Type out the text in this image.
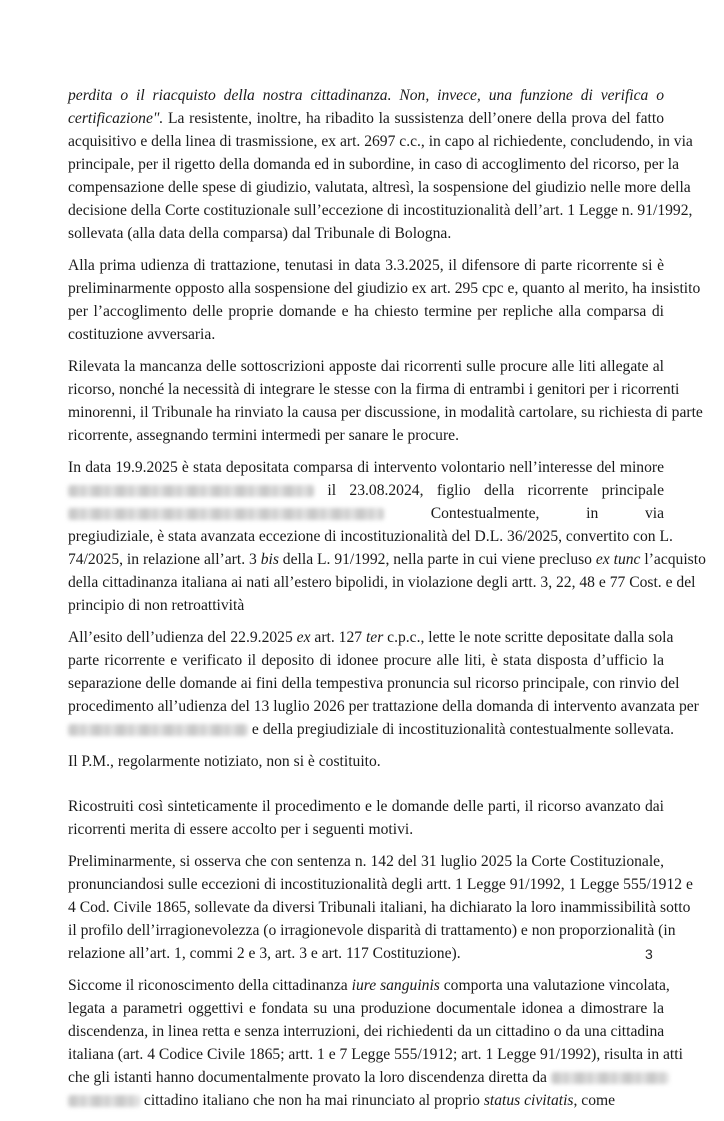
perdita o il riacquisto della nostra cittadinanza. Non, invece, una funzione di verifica o
certificazione". La resistente, inoltre, ha ribadito la sussistenza dell’onere della prova del fatto
acquisitivo e della linea di trasmissione, ex art. 2697 c.c., in capo al richiedente, concludendo, in via
principale, per il rigetto della domanda ed in subordine, in caso di accoglimento del ricorso, per la
compensazione delle spese di giudizio, valutata, altresì, la sospensione del giudizio nelle more della
decisione della Corte costituzionale sull’eccezione di incostituzionalità dell’art. 1 Legge n. 91/1992,
sollevata (alla data della comparsa) dal Tribunale di Bologna.
Alla prima udienza di trattazione, tenutasi in data 3.3.2025, il difensore di parte ricorrente si è
preliminarmente opposto alla sospensione del giudizio ex art. 295 cpc e, quanto al merito, ha insistito
per l’accoglimento delle proprie domande e ha chiesto termine per repliche alla comparsa di
costituzione avversaria.
Rilevata la mancanza delle sottoscrizioni apposte dai ricorrenti sulle procure alle liti allegate al
ricorso, nonché la necessità di integrare le stesse con la firma di entrambi i genitori per i ricorrenti
minorenni, il Tribunale ha rinviato la causa per discussione, in modalità cartolare, su richiesta di parte
ricorrente, assegnando termini intermedi per sanare le procure.
In data 19.9.2025 è stata depositata comparsa di intervento volontario nell’interesse del minore
il 23.08.2024, figlio della ricorrente principale
Contestualmente, in via
pregiudiziale, è stata avanzata eccezione di incostituzionalità del D.L. 36/2025, convertito con L.
74/2025, in relazione all’art. 3 bis della L. 91/1992, nella parte in cui viene precluso ex tunc l’acquisto
della cittadinanza italiana ai nati all’estero bipolidi, in violazione degli artt. 3, 22, 48 e 77 Cost. e del
principio di non retroattività
All’esito dell’udienza del 22.9.2025 ex art. 127 ter c.p.c., lette le note scritte depositate dalla sola
parte ricorrente e verificato il deposito di idonee procure alle liti, è stata disposta d’ufficio la
separazione delle domande ai fini della tempestiva pronuncia sul ricorso principale, con rinvio del
procedimento all’udienza del 13 luglio 2026 per trattazione della domanda di intervento avanzata per
e della pregiudiziale di incostituzionalità contestualmente sollevata.
Il P.M., regolarmente notiziato, non si è costituito.
Ricostruiti così sinteticamente il procedimento e le domande delle parti, il ricorso avanzato dai
ricorrenti merita di essere accolto per i seguenti motivi.
Preliminarmente, si osserva che con sentenza n. 142 del 31 luglio 2025 la Corte Costituzionale,
pronunciandosi sulle eccezioni di incostituzionalità degli artt. 1 Legge 91/1992, 1 Legge 555/1912 e
4 Cod. Civile 1865, sollevate da diversi Tribunali italiani, ha dichiarato la loro inammissibilità sotto
il profilo dell’irragionevolezza (o irragionevole disparità di trattamento) e non proporzionalità (in
relazione all’art. 1, commi 2 e 3, art. 3 e art. 117 Costituzione).
Siccome il riconoscimento della cittadinanza iure sanguinis comporta una valutazione vincolata,
legata a parametri oggettivi e fondata su una produzione documentale idonea a dimostrare la
discendenza, in linea retta e senza interruzioni, dei richiedenti da un cittadino o da una cittadina
italiana (art. 4 Codice Civile 1865; artt. 1 e 7 Legge 555/1912; art. 1 Legge 91/1992), risulta in atti
che gli istanti hanno documentalmente provato la loro discendenza diretta da
cittadino italiano che non ha mai rinunciato al proprio status civitatis, come
3
